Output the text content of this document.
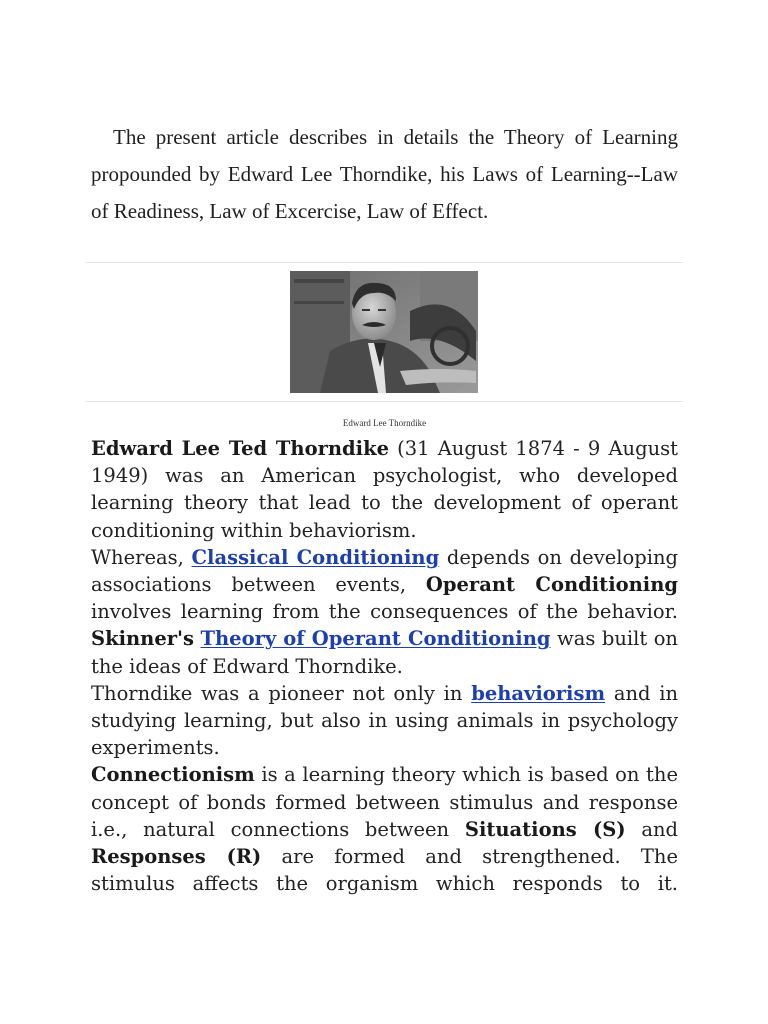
The present article describes in details the Theory of Learning propounded by Edward Lee Thorndike, his Laws of Learning--Law of Readiness, Law of Excercise, Law of Effect.

Edward Lee Thorndike

Edward Lee Ted Thorndike (31 August 1874 - 9 August 1949) was an American psychologist, who developed learning theory that lead to the development of operant conditioning within behaviorism.

Whereas, Classical Conditioning depends on developing associations between events, Operant Conditioning involves learning from the consequences of the behavior. Skinner's Theory of Operant Conditioning was built on the ideas of Edward Thorndike.

Thorndike was a pioneer not only in behaviorism and in studying learning, but also in using animals in psychology experiments.

Connectionism is a learning theory which is based on the concept of bonds formed between stimulus and response i.e., natural connections between Situations (S) and Responses (R) are formed and strengthened. The stimulus affects the organism which responds to it.
